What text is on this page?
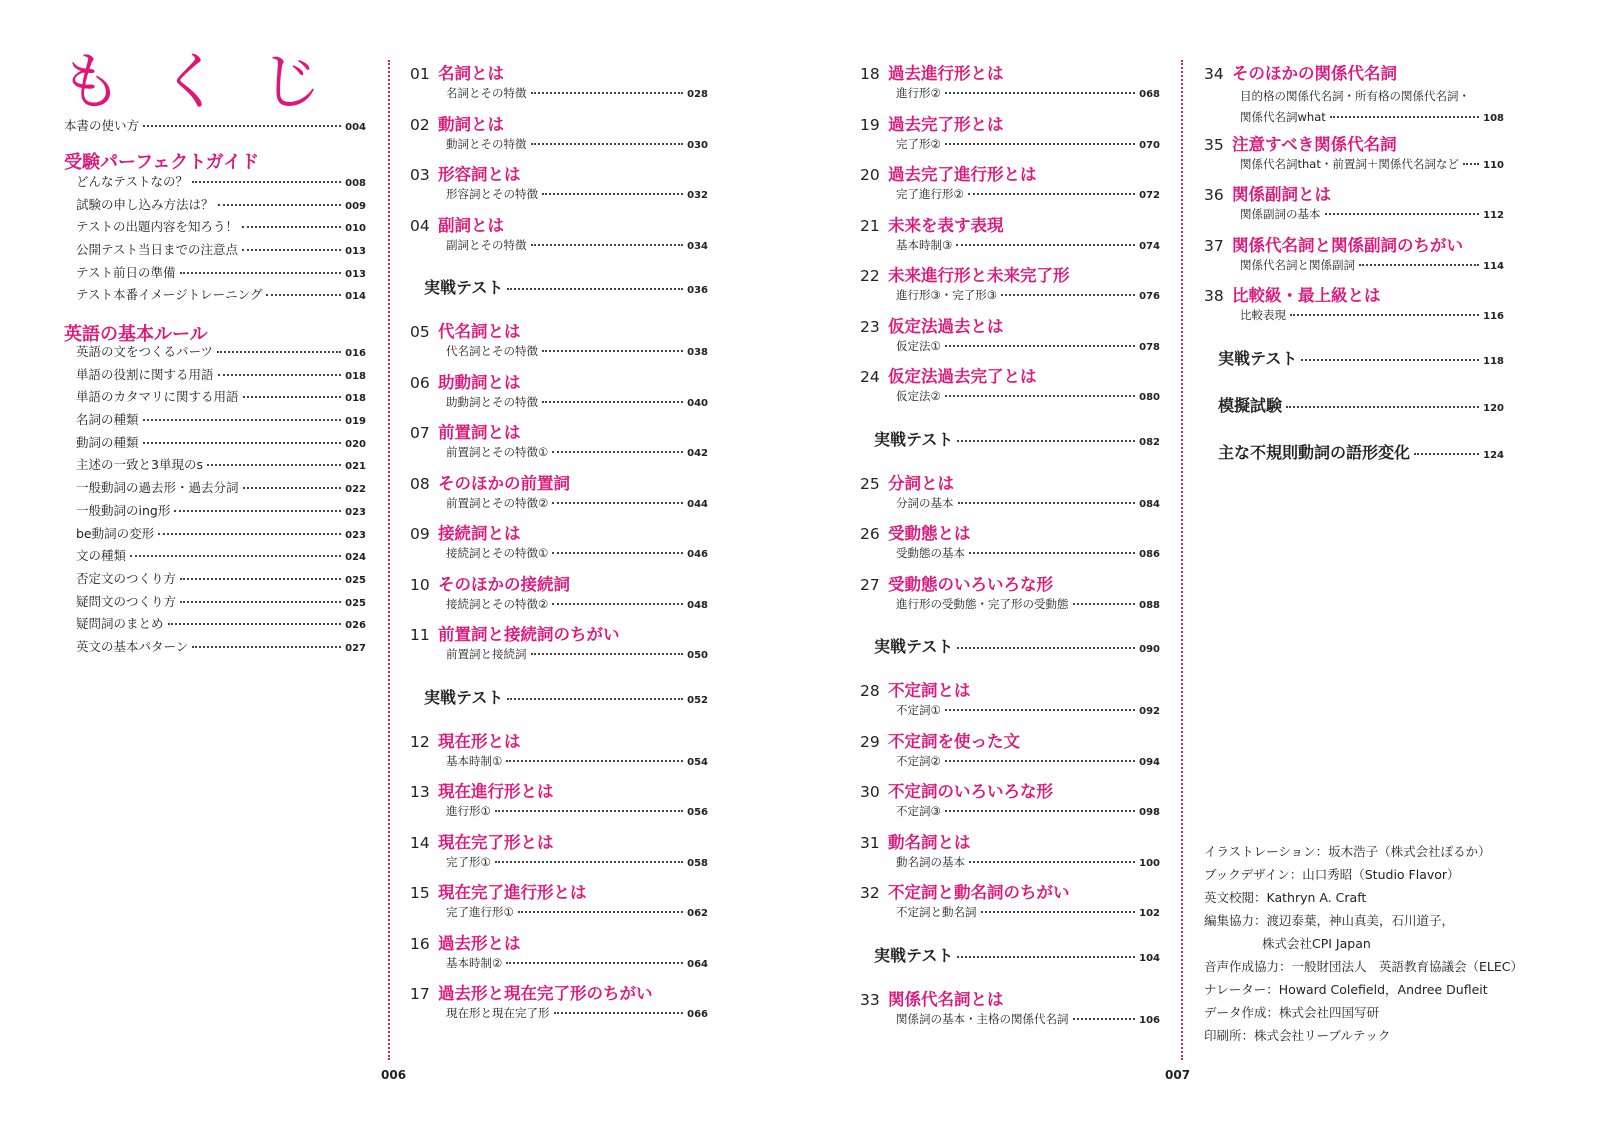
もくじ
本書の使い方	004
受験パーフェクトガイド
どんなテストなの？	008
試験の申し込み方法は？	009
テストの出題内容を知ろう！	010
公開テスト当日までの注意点	013
テスト前日の準備	013
テスト本番イメージトレーニング	014
英語の基本ルール
英語の文をつくるパーツ	016
単語の役割に関する用語	018
単語のカタマリに関する用語	018
名詞の種類	019
動詞の種類	020
主述の一致と3単現のs	021
一般動詞の過去形・過去分詞	022
一般動詞のing形	023
be動詞の変形	023
文の種類	024
否定文のつくり方	025
疑問文のつくり方	025
疑問詞のまとめ	026
英文の基本パターン	027
01 名詞とは
名詞とその特徴	028
02 動詞とは
動詞とその特徴	030
03 形容詞とは
形容詞とその特徴	032
04 副詞とは
副詞とその特徴	034
実戦テスト	036
05 代名詞とは
代名詞とその特徴	038
06 助動詞とは
助動詞とその特徴	040
07 前置詞とは
前置詞とその特徴①	042
08 そのほかの前置詞
前置詞とその特徴②	044
09 接続詞とは
接続詞とその特徴①	046
10 そのほかの接続詞
接続詞とその特徴②	048
11 前置詞と接続詞のちがい
前置詞と接続詞	050
実戦テスト	052
12 現在形とは
基本時制①	054
13 現在進行形とは
進行形①	056
14 現在完了形とは
完了形①	058
15 現在完了進行形とは
完了進行形①	062
16 過去形とは
基本時制②	064
17 過去形と現在完了形のちがい
現在形と現在完了形	066
18 過去進行形とは
進行形②	068
19 過去完了形とは
完了形②	070
20 過去完了進行形とは
完了進行形②	072
21 未来を表す表現
基本時制③	074
22 未来進行形と未来完了形
進行形③・完了形③	076
23 仮定法過去とは
仮定法①	078
24 仮定法過去完了とは
仮定法②	080
実戦テスト	082
25 分詞とは
分詞の基本	084
26 受動態とは
受動態の基本	086
27 受動態のいろいろな形
進行形の受動態・完了形の受動態	088
実戦テスト	090
28 不定詞とは
不定詞①	092
29 不定詞を使った文
不定詞②	094
30 不定詞のいろいろな形
不定詞③	098
31 動名詞とは
動名詞の基本	100
32 不定詞と動名詞のちがい
不定詞と動名詞	102
実戦テスト	104
33 関係代名詞とは
関係詞の基本・主格の関係代名詞	106
34 そのほかの関係代名詞
目的格の関係代名詞・所有格の関係代名詞・
関係代名詞what	108
35 注意すべき関係代名詞
関係代名詞that・前置詞＋関係代名詞など 110
36 関係副詞とは
関係副詞の基本	112
37 関係代名詞と関係副詞のちがい
関係代名詞と関係副詞	114
38 比較級・最上級とは
比較表現	116
実戦テスト	118
模擬試験	120
主な不規則動詞の語形変化	124
イラストレーション：坂木浩子（株式会社ぽるか）
ブックデザイン：山口秀昭（Studio Flavor）
英文校閲：Kathryn A. Craft
編集協力：渡辺泰葉，神山真美，石川道子，
株式会社CPI Japan
音声作成協力：一般財団法人　英語教育協議会（ELEC）
ナレーター：Howard Colefield，Andree Dufleit
データ作成：株式会社四国写研
印刷所：株式会社リーブルテック
006	007
